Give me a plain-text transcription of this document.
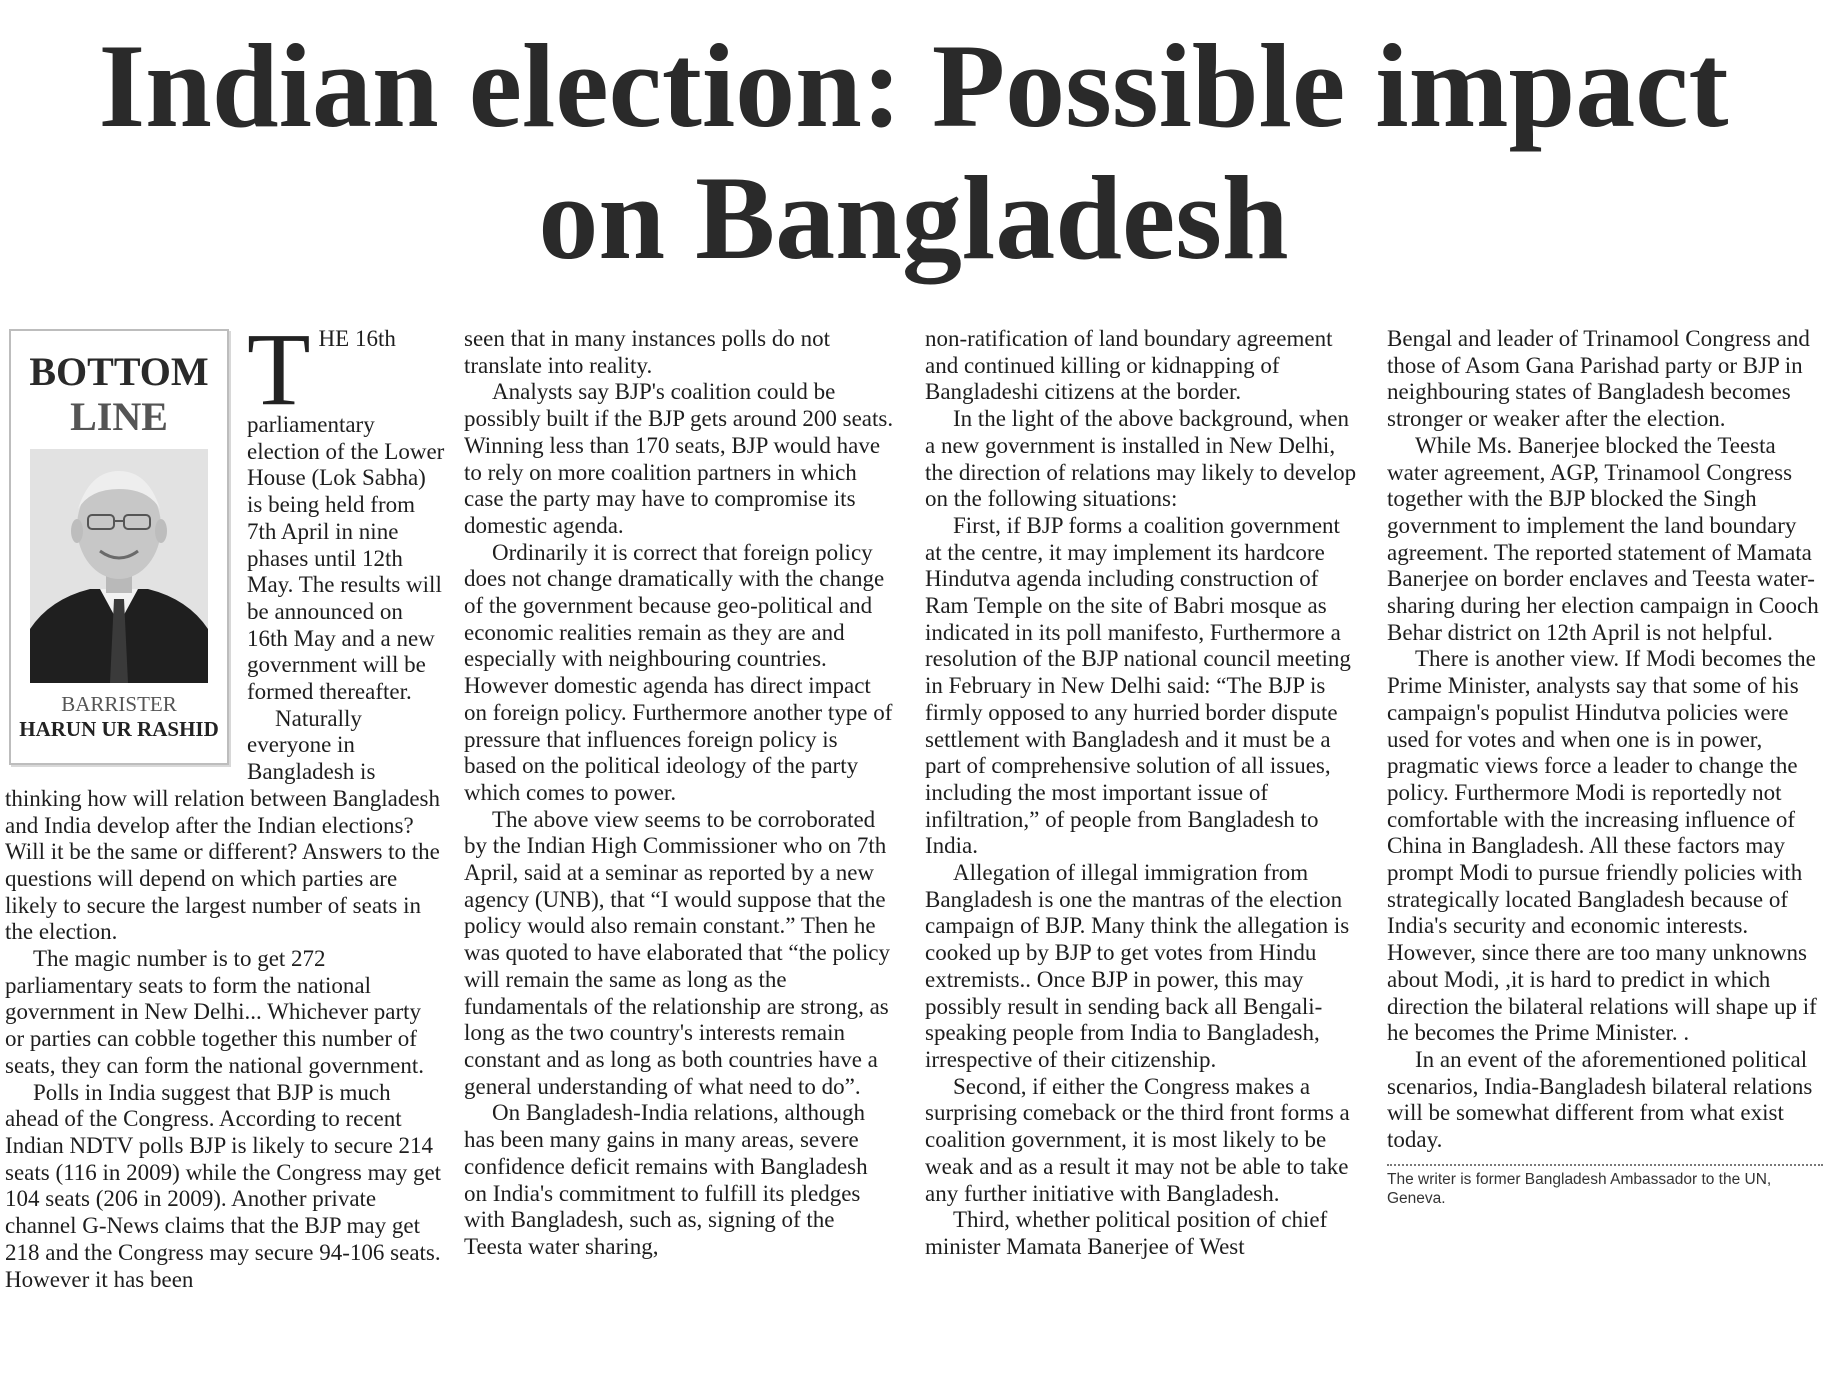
Indian election: Possible impact
on Bangladesh
BOTTOM
LINE
BARRISTER
HARUN UR RASHID
T HE 16th parliamentary election of the Lower House (Lok Sabha) is being held from 7th April in nine phases until 12th May. The results will be announced on 16th May and a new government will be formed thereafter.

Naturally everyone in Bangladesh is thinking how will relation between Bangladesh and India develop after the Indian elections? Will it be the same or different? Answers to the questions will depend on which parties are likely to secure the largest number of seats in the election.

The magic number is to get 272 parliamentary seats to form the national government in New Delhi... Whichever party or parties can cobble together this number of seats, they can form the national government.

Polls in India suggest that BJP is much ahead of the Congress. According to recent Indian NDTV polls BJP is likely to secure 214 seats (116 in 2009) while the Congress may get 104 seats (206 in 2009). Another private channel G-News claims that the BJP may get 218 and the Congress may secure 94-106 seats. However it has been

seen that in many instances polls do not translate into reality.

Analysts say BJP's coalition could be possibly built if the BJP gets around 200 seats. Winning less than 170 seats, BJP would have to rely on more coalition partners in which case the party may have to compromise its domestic agenda.

Ordinarily it is correct that foreign policy does not change dramatically with the change of the government because geo-political and economic realities remain as they are and especially with neighbouring countries. However domestic agenda has direct impact on foreign policy. Furthermore another type of pressure that influences foreign policy is based on the political ideology of the party which comes to power.

The above view seems to be corroborated by the Indian High Commissioner who on 7th April, said at a seminar as reported by a new agency (UNB), that “I would suppose that the policy would also remain constant.” Then he was quoted to have elaborated that “the policy will remain the same as long as the fundamentals of the relationship are strong, as long as the two country's interests remain constant and as long as both countries have a general understanding of what need to do”.

On Bangladesh-India relations, although has been many gains in many areas, severe confidence deficit remains with Bangladesh on India's commitment to fulfill its pledges with Bangladesh, such as, signing of the Teesta water sharing,

non-ratification of land boundary agreement and continued killing or kidnapping of Bangladeshi citizens at the border.

In the light of the above background, when a new government is installed in New Delhi, the direction of relations may likely to develop on the following situations:

First, if BJP forms a coalition government at the centre, it may implement its hardcore Hindutva agenda including construction of Ram Temple on the site of Babri mosque as indicated in its poll manifesto, Furthermore a resolution of the BJP national council meeting in February in New Delhi said: “The BJP is firmly opposed to any hurried border dispute settlement with Bangladesh and it must be a part of comprehensive solution of all issues, including the most important issue of infiltration,” of people from Bangladesh to India.

Allegation of illegal immigration from Bangladesh is one the mantras of the election campaign of BJP. Many think the allegation is cooked up by BJP to get votes from Hindu extremists.. Once BJP in power, this may possibly result in sending back all Bengali-speaking people from India to Bangladesh, irrespective of their citizenship.

Second, if either the Congress makes a surprising comeback or the third front forms a coalition government, it is most likely to be weak and as a result it may not be able to take any further initiative with Bangladesh.

Third, whether political position of chief minister Mamata Banerjee of West

Bengal and leader of Trinamool Congress and those of Asom Gana Parishad party or BJP in neighbouring states of Bangladesh becomes stronger or weaker after the election.

While Ms. Banerjee blocked the Teesta water agreement, AGP, Trinamool Congress together with the BJP blocked the Singh government to implement the land boundary agreement. The reported statement of Mamata Banerjee on border enclaves and Teesta water-sharing during her election campaign in Cooch Behar district on 12th April is not helpful.

There is another view. If Modi becomes the Prime Minister, analysts say that some of his campaign's populist Hindutva policies were used for votes and when one is in power, pragmatic views force a leader to change the policy. Furthermore Modi is reportedly not comfortable with the increasing influence of China in Bangladesh. All these factors may prompt Modi to pursue friendly policies with strategically located Bangladesh because of India's security and economic interests. However, since there are too many unknowns about Modi, ,it is hard to predict in which direction the bilateral relations will shape up if he becomes the Prime Minister. .

In an event of the aforementioned political scenarios, India-Bangladesh bilateral relations will be somewhat different from what exist today.

The writer is former Bangladesh Ambassador to the UN, Geneva.
